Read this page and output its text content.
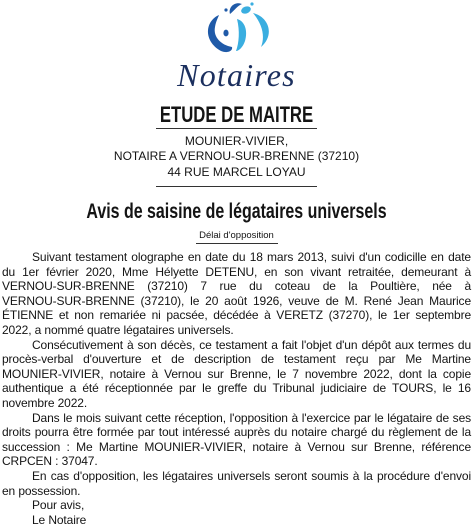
Notaires
ETUDE DE MAITRE
MOUNIER-VIVIER,
NOTAIRE A VERNOU-SUR-BRENNE (37210)
44 RUE MARCEL LOYAU
Avis de saisine de légataires universels
Délai d'opposition
Suivant testament olographe en date du 18 mars 2013, suivi d'un codicille en date
du 1er février 2020, Mme Hélyette DETENU, en son vivant retraitée, demeurant à
VERNOU-SUR-BRENNE (37210) 7 rue du coteau de la Poultière, née à
VERNOU-SUR-BRENNE (37210), le 20 août 1926, veuve de M. René Jean Maurice
ÉTIENNE et non remariée ni pacsée, décédée à VERETZ (37270), le 1er septembre
2022, a nommé quatre légataires universels.
Consécutivement à son décès, ce testament a fait l'objet d'un dépôt aux termes du
procès-verbal d'ouverture et de description de testament reçu par Me Martine
MOUNIER-VIVIER, notaire à Vernou sur Brenne, le 7 novembre 2022, dont la copie
authentique a été réceptionnée par le greffe du Tribunal judiciaire de TOURS, le 16
novembre 2022.
Dans le mois suivant cette réception, l'opposition à l'exercice par le légataire de ses
droits pourra être formée par tout intéressé auprès du notaire chargé du règlement de la
succession : Me Martine MOUNIER-VIVIER, notaire à Vernou sur Brenne, référence
CRPCEN : 37047.
En cas d'opposition, les légataires universels seront soumis à la procédure d'envoi
en possession.
Pour avis,
Le Notaire
